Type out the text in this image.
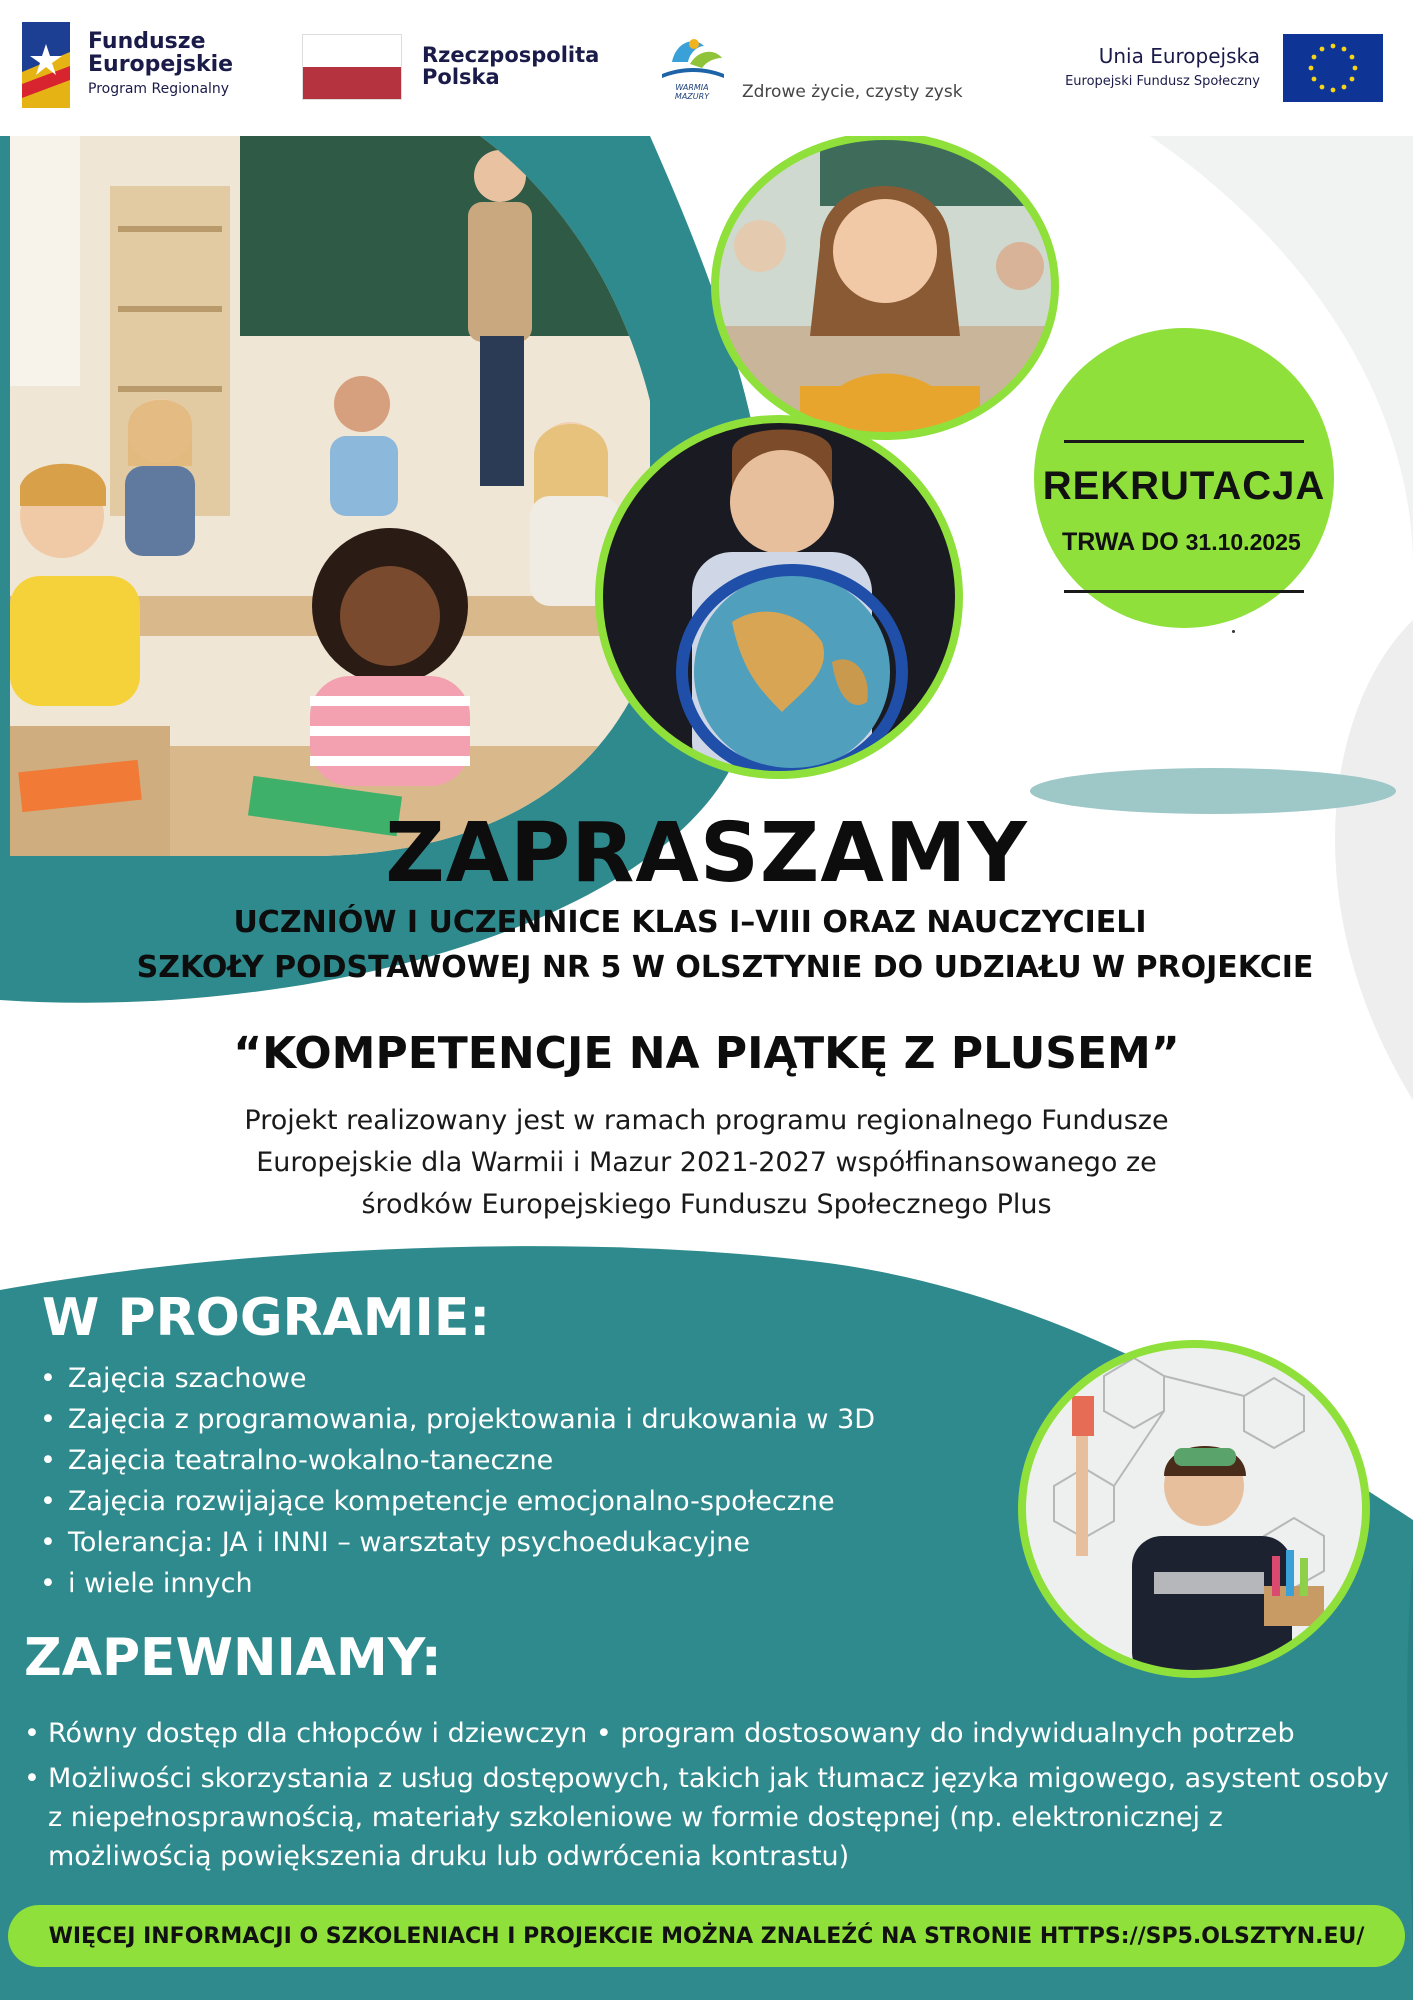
Fundusze
Europejskie
Program Regionalny
Rzeczpospolita
Polska	WARMIA
MAZURY Zdrowe życie, czysty zysk
Unia Europejska
Europejski Fundusz Społeczny
REKRUTACJA
TRWA DO 31.10.2025
ZAPRASZAMY
UCZNIÓW I UCZENNICE KLAS I–VIII ORAZ NAUCZYCIELI
SZKOŁY PODSTAWOWEJ NR 5 W OLSZTYNIE DO UDZIAŁU W PROJEKCIE
“KOMPETENCJE NA PIĄTKĘ Z PLUSEM”
Projekt realizowany jest w ramach programu regionalnego Fundusze
Europejskie dla Warmii i Mazur 2021-2027 współfinansowanego ze
środków Europejskiego Funduszu Społecznego Plus
W PROGRAMIE:
• Zajęcia szachowe
• Zajęcia z programowania, projektowania i drukowania w 3D
• Zajęcia teatralno-wokalno-taneczne
• Zajęcia rozwijające kompetencje emocjonalno-społeczne
• Tolerancja: JA i INNI – warsztaty psychoedukacyjne
• i wiele innych
ZAPEWNIAMY:
• Równy dostęp dla chłopców i dziewczyn • program dostosowany do indywidualnych potrzeb
• Możliwości skorzystania z usług dostępowych, takich jak tłumacz języka migowego, asystent osoby z niepełnosprawnością, materiały szkoleniowe w formie dostępnej (np. elektronicznej z możliwością powiększenia druku lub odwrócenia kontrastu)
WIĘCEJ INFORMACJI O SZKOLENIACH I PROJEKCIE MOŻNA ZNALEŹĆ NA STRONIE HTTPS://SP5.OLSZTYN.EU/
